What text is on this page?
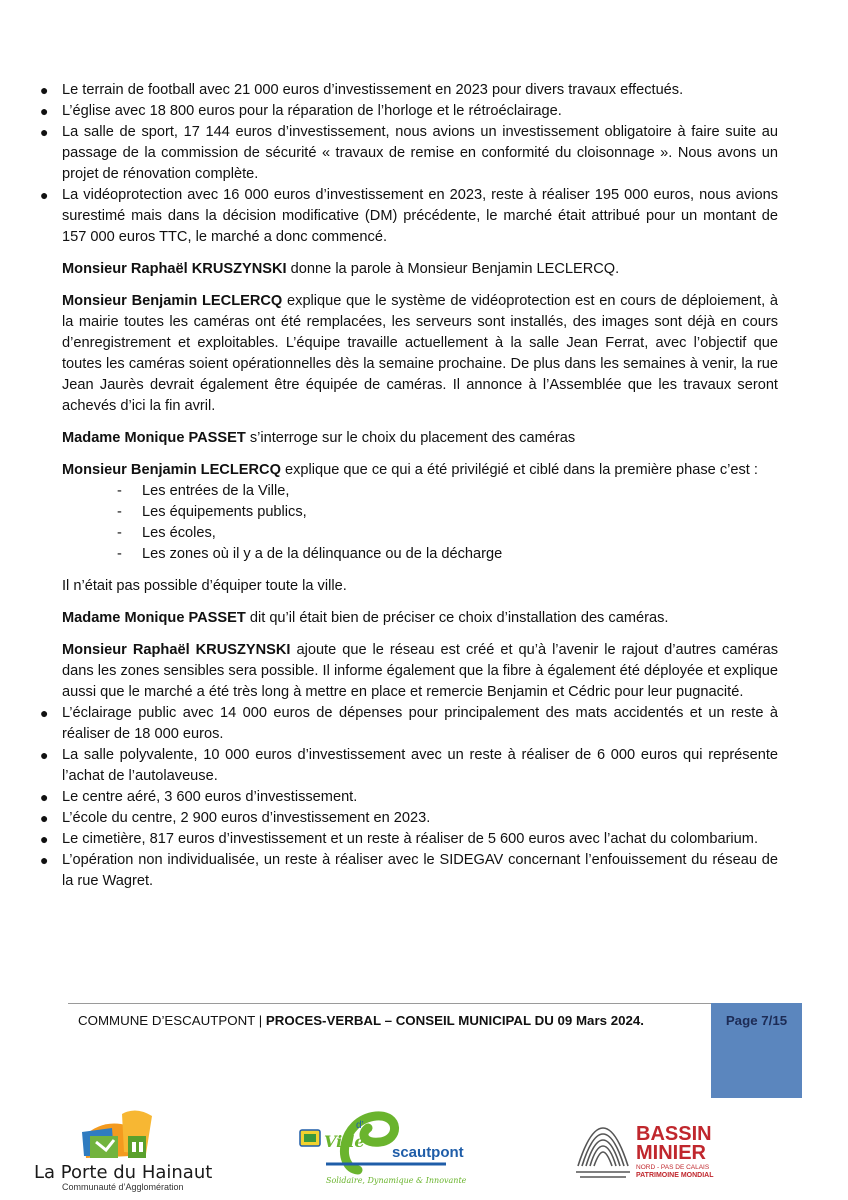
● Le terrain de football avec 21 000 euros d’investissement en 2023 pour divers travaux effectués.
● L’église avec 18 800 euros pour la réparation de l’horloge et le rétroéclairage.
● La salle de sport, 17 144 euros d’investissement, nous avions un investissement obligatoire à faire suite au passage de la commission de sécurité « travaux de remise en conformité du cloisonnage ». Nous avons un projet de rénovation complète.
● La vidéoprotection avec 16 000 euros d’investissement en 2023, reste à réaliser 195 000 euros, nous avions surestimé mais dans la décision modificative (DM) précédente, le marché était attribué pour un montant de 157 000 euros TTC, le marché a donc commencé.

Monsieur Raphaël KRUSZYNSKI donne la parole à Monsieur Benjamin LECLERCQ.

Monsieur Benjamin LECLERCQ explique que le système de vidéoprotection est en cours de déploiement, à la mairie toutes les caméras ont été remplacées, les serveurs sont installés, des images sont déjà en cours d’enregistrement et exploitables. L’équipe travaille actuellement à la salle Jean Ferrat, avec l’objectif que toutes les caméras soient opérationnelles dès la semaine prochaine. De plus dans les semaines à venir, la rue Jean Jaurès devrait également être équipée de caméras. Il annonce à l’Assemblée que les travaux seront achevés d’ici la fin avril.

Madame Monique PASSET s’interroge sur le choix du placement des caméras

Monsieur Benjamin LECLERCQ explique que ce qui a été privilégié et ciblé dans la première phase c’est :

- Les entrées de la Ville,
- Les équipements publics,
- Les écoles,
- Les zones où il y a de la délinquance ou de la décharge

Il n’était pas possible d’équiper toute la ville.

Madame Monique PASSET dit qu’il était bien de préciser ce choix d’installation des caméras.

Monsieur Raphaël KRUSZYNSKI ajoute que le réseau est créé et qu’à l’avenir le rajout d’autres caméras dans les zones sensibles sera possible. Il informe également que la fibre à également été déployée et explique aussi que le marché a été très long à mettre en place et remercie Benjamin et Cédric pour leur pugnacité.

● L’éclairage public avec 14 000 euros de dépenses pour principalement des mats accidentés et un reste à réaliser de 18 000 euros.
● La salle polyvalente, 10 000 euros d’investissement avec un reste à réaliser de 6 000 euros qui représente l’achat de l’autolaveuse.
● Le centre aéré, 3 600 euros d’investissement.
● L’école du centre, 2 900 euros d’investissement en 2023.
● Le cimetière, 817 euros d’investissement et un reste à réaliser de 5 600 euros avec l’achat du colombarium.
● L’opération non individualisée, un reste à réaliser avec le SIDEGAV concernant l’enfouissement du réseau de la rue Wagret.
COMMUNE D’ESCAUTPONT | PROCES-VERBAL – CONSEIL MUNICIPAL DU 09 Mars 2024.	Page 7/15
La Porte du Hainaut
Communauté d’Agglomération
Ville
d’
scautpont
Solidaire, Dynamique & Innovante
BASSIN
MINIER
NORD - PAS DE CALAIS
PATRIMOINE MONDIAL
